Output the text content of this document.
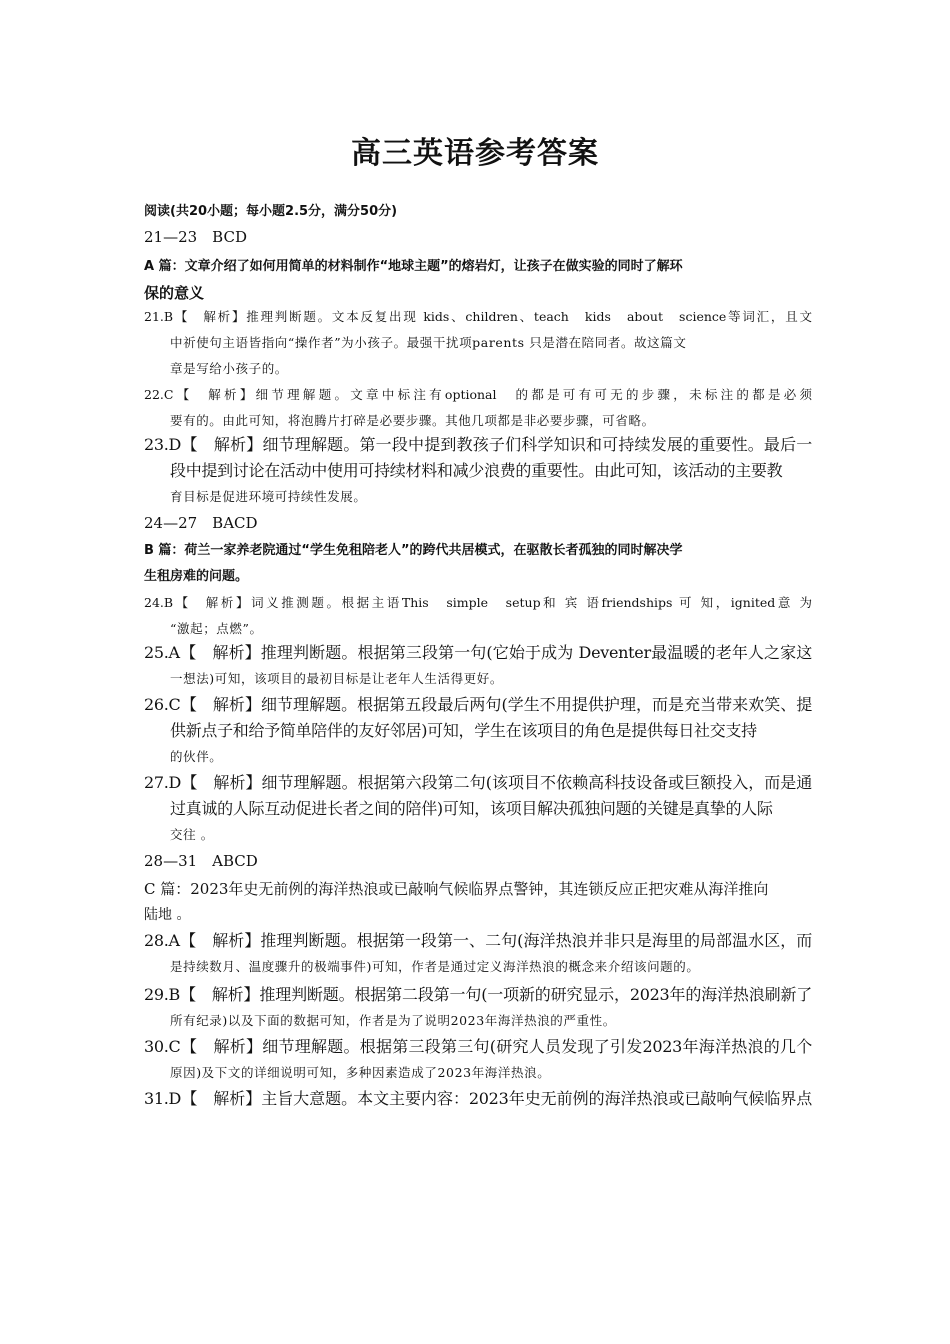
高三英语参考答案
阅读(共20小题；每小题2.5分，满分50分)
21—23　BCD
A 篇：文章介绍了如何用简单的材料制作“地球主题”的熔岩灯，让孩子在做实验的同时了解环
保的意义
21.B【　解析】推理判断题。文本反复出现 kids、children、teach　kids　about　science等词汇，且文
中祈使句主语皆指向“操作者”为小孩子。最强干扰项parents 只是潜在陪同者。故这篇文
章是写给小孩子的。
22.C【　解析】细节理解题。文章中标注有optional　的都是可有可无的步骤，未标注的都是必须
要有的。由此可知，将泡腾片打碎是必要步骤。其他几项都是非必要步骤，可省略。
23.D【　解析】细节理解题。第一段中提到教孩子们科学知识和可持续发展的重要性。最后一
段中提到讨论在活动中使用可持续材料和减少浪费的重要性。由此可知，该活动的主要教
育目标是促进环境可持续性发展。
24—27　BACD
B 篇：荷兰一家养老院通过“学生免租陪老人”的跨代共居模式，在驱散长者孤独的同时解决学
生租房难的问题。
24.B【　解析】词义推测题。根据主语This　simple　setup和 宾 语friendships 可 知，ignited意 为
“激起；点燃”。
25.A【　解析】推理判断题。根据第三段第一句(它始于成为 Deventer最温暖的老年人之家这
一想法)可知，该项目的最初目标是让老年人生活得更好。
26.C【　解析】细节理解题。根据第五段最后两句(学生不用提供护理，而是充当带来欢笑、提
供新点子和给予简单陪伴的友好邻居)可知，学生在该项目的角色是提供每日社交支持
的伙伴。
27.D【　解析】细节理解题。根据第六段第二句(该项目不依赖高科技设备或巨额投入，而是通
过真诚的人际互动促进长者之间的陪伴)可知，该项目解决孤独问题的关键是真挚的人际
交往 。
28—31　ABCD
C 篇：2023年史无前例的海洋热浪或已敲响气候临界点警钟，其连锁反应正把灾难从海洋推向
陆地 。
28.A【　解析】推理判断题。根据第一段第一、二句(海洋热浪并非只是海里的局部温水区，而
是持续数月、温度骤升的极端事件)可知，作者是通过定义海洋热浪的概念来介绍该问题的。
29.B【　解析】推理判断题。根据第二段第一句(一项新的研究显示，2023年的海洋热浪刷新了
所有纪录)以及下面的数据可知，作者是为了说明2023年海洋热浪的严重性。
30.C【　解析】细节理解题。根据第三段第三句(研究人员发现了引发2023年海洋热浪的几个
原因)及下文的详细说明可知，多种因素造成了2023年海洋热浪。
31.D【　解析】主旨大意题。本文主要内容：2023年史无前例的海洋热浪或已敲响气候临界点
